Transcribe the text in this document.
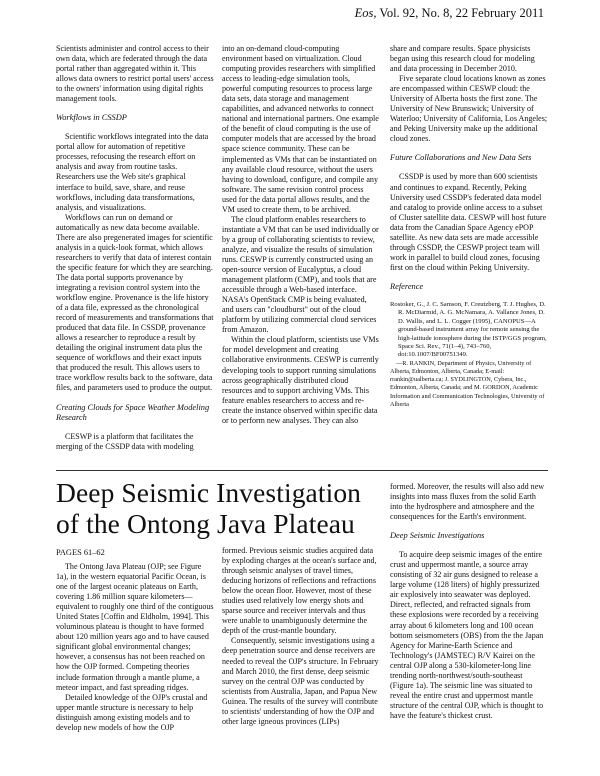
Eos, Vol. 92, No. 8, 22 February 2011

Scientists administer and control access to their own data, which are federated through the data portal rather than aggregated within it. This allows data owners to restrict portal users' access to the owners' information using digital rights management tools.

Workflows in CSSDP

Scientific workflows integrated into the data portal allow for automation of repetitive processes, refocusing the research effort on analysis and away from routine tasks. Researchers use the Web site's graphical interface to build, save, share, and reuse workflows, including data transformations, analysis, and visualizations.

Workflows can run on demand or automatically as new data become available. There are also pregenerated images for scientific analysis in a quick-look format, which allows researchers to verify that data of interest contain the specific feature for which they are searching. The data portal supports provenance by integrating a revision control system into the workflow engine. Provenance is the life history of a data file, expressed as the chronological record of measurements and transformations that produced that data file. In CSSDP, provenance allows a researcher to reproduce a result by detailing the original instrument data plus the sequence of workflows and their exact inputs that produced the result. This allows users to trace workflow results back to the software, data files, and parameters used to produce the output.

Creating Clouds for Space Weather Modeling Research

CESWP is a platform that facilitates the merging of the CSSDP data with modeling

into an on-demand cloud-computing environment based on virtualization. Cloud computing provides researchers with simplified access to leading-edge simulation tools, powerful computing resources to process large data sets, data storage and management capabilities, and advanced networks to connect national and international partners. One example of the benefit of cloud computing is the use of computer models that are accessed by the broad space science community. These can be implemented as VMs that can be instantiated on any available cloud resource, without the users having to download, configure, and compile any software. The same revision control process used for the data portal allows results, and the VM used to create them, to be archived.

The cloud platform enables researchers to instantiate a VM that can be used individually or by a group of collaborating scientists to review, analyze, and visualize the results of simulation runs. CESWP is currently constructed using an open-source version of Eucalyptus, a cloud management platform (CMP), and tools that are accessible through a Web-based interface. NASA's OpenStack CMP is being evaluated, and users can "cloudburst" out of the cloud platform by utilizing commercial cloud services from Amazon.

Within the cloud platform, scientists use VMs for model development and creating collaborative environments. CESWP is currently developing tools to support running simulations across geographically distributed cloud resources and to support archiving VMs. This feature enables researchers to access and re-create the instance observed within specific data or to perform new analyses. They can also

share and compare results. Space physicists began using this research cloud for modeling and data processing in December 2010.

Five separate cloud locations known as zones are encompassed within CESWP cloud: the University of Alberta hosts the first zone. The University of New Brunswick; University of Waterloo; University of California, Los Angeles; and Peking University make up the additional cloud zones.

Future Collaborations and New Data Sets

CSSDP is used by more than 600 scientists and continues to expand. Recently, Peking University used CSSDP's federated data model and catalog to provide online access to a subset of Cluster satellite data. CESWP will host future data from the Canadian Space Agency ePOP satellite. As new data sets are made accessible through CSSDP, the CESWP project team will work in parallel to build cloud zones, focusing first on the cloud within Peking University.

Reference

Rostoker, G., J. C. Samson, F. Creutzberg, T. J. Hughes, D. R. McDiarmid, A. G. McNamara, A. Vallance Jones, D. D. Wallis, and L. L. Cogger (1995), CANOPUS—A ground-based instrument array for remote sensing the high-latitude ionosphere during the ISTP/GGS program, Space Sci. Rev., 71(1–4), 743–760, doi:10.1007/BF00751349.

—R. RANKIN, Department of Physics, University of Alberta, Edmonton, Alberta, Canada; E-mail: rrankin@ualberta.ca; J. SYDLINGTON, Cybera, Inc., Edmonton, Alberta, Canada; and M. GORDON, Academic Information and Communication Technologies, University of Alberta

Deep Seismic Investigation of the Ontong Java Plateau
PAGES 61–62

The Ontong Java Plateau (OJP; see Figure 1a), in the western equatorial Pacific Ocean, is one of the largest oceanic plateaus on Earth, covering 1.86 million square kilometers—equivalent to roughly one third of the contiguous United States [Coffin and Eldholm, 1994]. This voluminous plateau is thought to have formed about 120 million years ago and to have caused significant global environmental changes; however, a consensus has not been reached on how the OJP formed. Competing theories include formation through a mantle plume, a meteor impact, and fast spreading ridges.

Detailed knowledge of the OJP's crustal and upper mantle structure is necessary to help distinguish among existing models and to develop new models of how the OJP

formed. Previous seismic studies acquired data by exploding charges at the ocean's surface and, through seismic analyses of travel times, deducing horizons of reflections and refractions below the ocean floor. However, most of these studies used relatively low energy shots and sparse source and receiver intervals and thus were unable to unambiguously determine the depth of the crust-mantle boundary.

Consequently, seismic investigations using a deep penetration source and dense receivers are needed to reveal the OJP's structure. In February and March 2010, the first dense, deep seismic survey on the central OJP was conducted by scientists from Australia, Japan, and Papua New Guinea. The results of the survey will contribute to scientists' understanding of how the OJP and other large igneous provinces (LIPs)

formed. Moreover, the results will also add new insights into mass fluxes from the solid Earth into the hydrosphere and atmosphere and the consequences for the Earth's environment.

Deep Seismic Investigations

To acquire deep seismic images of the entire crust and uppermost mantle, a source array consisting of 32 air guns designed to release a large volume (128 liters) of highly pressurized air explosively into seawater was deployed. Direct, reflected, and refracted signals from these explosions were recorded by a receiving array about 6 kilometers long and 100 ocean bottom seismometers (OBS) from the the Japan Agency for Marine-Earth Science and Technology's (JAMSTEC) R/V Kairei on the central OJP along a 530-kilometer-long line trending north-northwest/south-southeast (Figure 1a). The seismic line was situated to reveal the entire crust and uppermost mantle structure of the central OJP, which is thought to have the feature's thickest crust.
